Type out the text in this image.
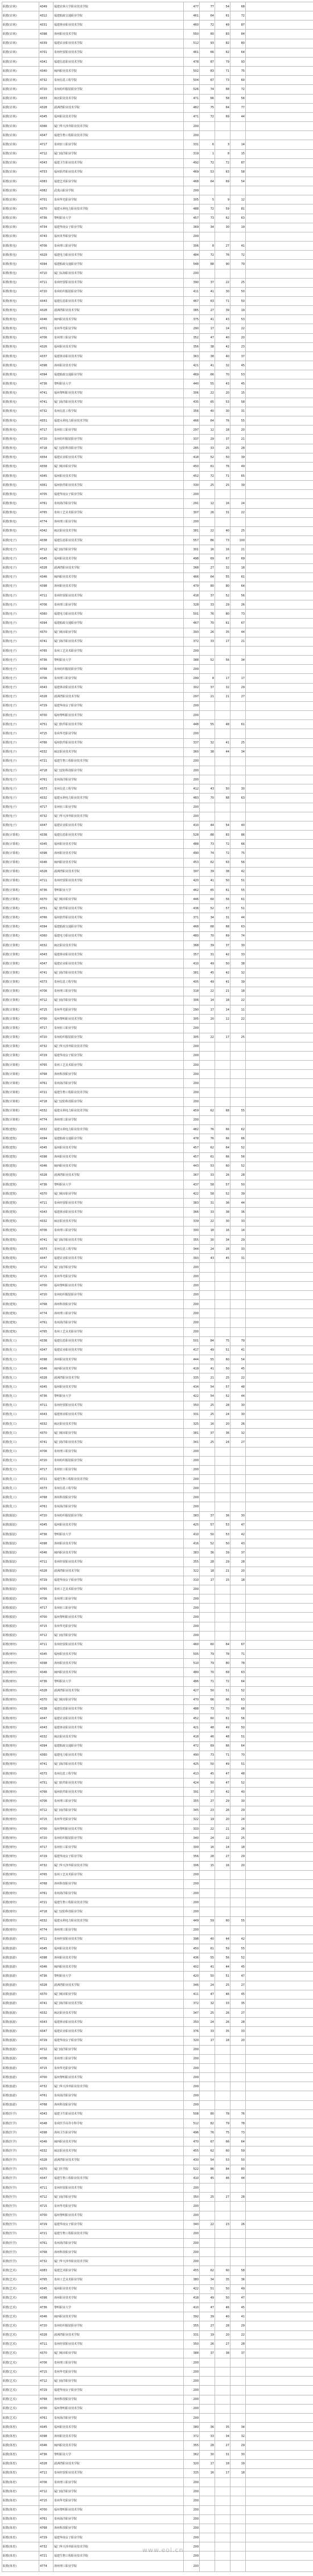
职教(农林)	4349	福建农林大学职业技术学院	477	77	54	68	
职教(农林)	4312	福建船政交通职业学院	461	64	61	72	
职教(农林)	4331	福建林业职业技术学院	460	72	49	87	
职教(农林)	4398	漳州职业技术学院	550	80	83	84	
职教(农林)	4339	福建农业职业技术学院	512	93	82	80	
职教(农林)	4701	泉州经贸职业技术学院	461	66	62	64	
职教(农林)	4341	福建信息职业技术学院	478	87	79	93	
职教(农林)	4340	闽西职业技术学院	502	83	71	75	
职教(农林)	4732	泉州信息工程学院	504	67	73	60	
职教(农林)	4720	泉州纺织服装职业学院	526	74	68	72	
职教(农林)	4333	闽北职业技术学院	471	66	58	56	
职教(农林)	4328	湄洲湾职业技术学院	482	75	64	77	
职教(农林)	4345	福州职业技术学院	471	72	69	44	
职教(农林)	4366	厦门华天涉外职业技术学院	200				
职教(农林)	4347	福建生物工程职业技术学院	200				
职教(农林)	4717	泉州轻工职业学院	331	6	3	14	
职教(农林)	4712	厦门南洋职业学院	319	1	8	15	
职教(农林)	4343	福建卫生职业技术学院	492	72	72	87	
职教(农林)	4753	福州软件职业技术学院	469	53	63	58	
职教(农林)	4383	福建艺术职业学院	468	64	69	54	
职教(农林)	4382	武夷山职业学院	200				
职教(农林)	4701	泉州华光职业学院	305	5	9	12	
职教(农林)	4370	福建水利电力职业技术学院	488	72	59	81	
职教(农林)	4736	黎明职业大学	457	73	62	63	
职教(农林)	4734	福建华南女子职业学院	369	34	30	19	
职教(农林)	4743	福州英华职业学院	200				
职教(机电)	4706	泉州理工职业学院	306	8	27	41	
职教(机电)	4329	福建电力职业技术学院	484	72	76	72	
职教(机电)	4394	福建船政交通职业学院	548	88	90	79	
职教(机电)	4710	厦门东海职业技术学院	200				
职教(机电)	4711	泉州经贸职业技术学院	390	37	22	25	
职教(机电)	4720	泉州纺织服装职业学院	411	41	30	50	
职教(机电)	4343	福建信息职业技术学院	467	63	71	50	
职教(机电)	4328	湄洲湾职业技术学院	385	27	39	19	
职教(机电)	4346	闽西职业技术学院	375	41	43	53	
职教(机电)	4701	泉州华光职业学院	290	17	14	22	
职教(机电)	4706	泉州理工职业学院	352	47	40	20	
职教(机电)	4326	福州职业技术学院	356	38	42	23	
职教(机电)	4337	福建林业职业技术学院	363	38	40	37	
职教(机电)	4398	漳州职业技术学院	421	41	32	45	
职教(机电)	4394	福建船政交通职业学院	469	66	70	53	
职教(机电)	4736	黎明职业大学	440	55	43	45	
职教(机电)	4741	福州黎明职业技术学院	306	22	20	15	
职教(机电)	4741	厦门海洋职业技术学院	435	65	53	58	
职教(机电)	4732	泉州信息工程学院	356	40	30	31	
职教(机电)	4351	福建水利电力职业技术学院	466	64	76	55	
职教(机电)	4717	泉州轻工职业学院	297	12	18	20	
职教(机电)	4720	泉州纺织服装职业学院	337	29	37	21	
职教(机电)	4718	厦门安防科技职业学院	285	33	25	28	
职教(机电)	4354	福建农业职业技术学院	418	52	50	39	
职教(机电)	4358	厦门城市职业学院	450	61	76	49	
职教(机电)	4345	福州职业技术学院	452	72	71	65	
职教(机电)	4361	福州软件职业技术学院	330	25	25	39	
职教(机电)	4705	福建华南女子职业学院	200				
职教(机电)	4761	泉州海洋职业学院	291	12	16	24	
职教(机电)	4765	泉州工艺美术职业学院	307	26	31	22	
职教(机电)	4774	漳州理工职业学院	200				
职教(机电)	4342	闽北职业技术学院	381	22	40	25	
职教(电子)	4338	福建信息职业技术学院	557	86	73	100	
职教(电子)	4712	厦门南洋职业学院	301	16	16	21	
职教(电子)	4345	福州职业技术学院	498	69	67	69	
职教(电子)	4328	湄洲湾职业技术学院	368	27	32	18	
职教(电子)	4346	闽西职业技术学院	466	64	55	61	
职教(电子)	4398	漳州职业技术学院	479	80	80	64	
职教(电子)	4711	泉州经贸职业技术学院	418	37	52	56	
职教(电子)	4706	泉州理工职业学院	328	33	29	26	
职教(电子)	4360	福建电力职业技术学院	501	76	80	73	
职教(电子)	4394	福建船政交通职业学院	467	70	61	67	
职教(电子)	4370	厦门城市职业学院	393	26	35	44	
职教(电子)	4741	厦门海洋职业技术学院	372	33	17	21	
职教(电子)	4765	泉州工艺美术职业学院	200				
职教(电子)	4736	黎明职业大学	388	52	56	34	
职教(电子)	4768	泉州纺织服装职业学院	200				
职教(电子)	4706	泉州理工职业学院	299	8	17	17	
职教(电子)	4343	福建林业职业技术学院	302	37	32	29	
职教(电子)	4328	湄洲湾职业技术学院	297	21	21	27	
职教(电子)	4729	福建华南女子职业学院	200				
职教(电子)	4700	福州黎明职业技术学院	200				
职教(电子)	4751	厦门软件职业技术学院	448	55	48	61	
职教(电子)	4715	泉州华光职业学院	200				
职教(电子)	4766	福州软件职业技术学院	337	32	41	25	
职教(电子)	4332	闽北职业技术学院	360	38	44	34	
职教(电子)	4721	福建生物工程职业技术学院	200				
职教(电子)	4718	厦门安防科技职业学院	200				
职教(电子)	4761	泉州海洋职业学院	200				
职教(电子)	4373	泉州信息工程学院	412	43	50	30	
职教(电子)	4332	福建水利电力职业技术学院	483	70	68	63	
职教(电子)	4717	泉州轻工职业学院	200				
职教(电子)	4732	厦门华天涉外职业技术学院	200				
职教(电子)	4347	福建农业职业技术学院	410	44	54	40	
职教(计算机)	4338	福建信息职业技术学院	528	88	83	86	
职教(计算机)	4345	福州职业技术学院	488	73	72	66	
职教(计算机)	4398	漳州职业技术学院	490	74	72	75	
职教(计算机)	4346	闽西职业技术学院	453	62	63	56	
职教(计算机)	4328	湄洲湾职业技术学院	397	39	38	42	
职教(计算机)	4711	泉州经贸职业技术学院	420	41	50	51	
职教(计算机)	4736	黎明职业大学	462	65	61	55	
职教(计算机)	4370	厦门城市职业学院	446	60	56	61	
职教(计算机)	4751	厦门软件职业技术学院	436	52	57	51	
职教(计算机)	4766	福州软件职业技术学院	371	34	31	44	
职教(计算机)	4394	福建船政交通职业学院	468	68	68	63	
职教(计算机)	4360	福建电力职业技术学院	480	70	69	74	
职教(计算机)	4332	闽北职业技术学院	368	39	37	30	
职教(计算机)	4343	福建林业职业技术学院	357	31	42	33	
职教(计算机)	4347	福建农业职业技术学院	410	49	50	38	
职教(计算机)	4741	厦门海洋职业技术学院	381	45	42	32	
职教(计算机)	4373	泉州信息工程学院	405	49	41	39	
职教(计算机)	4706	泉州理工职业学院	318	22	21	18	
职教(计算机)	4712	厦门南洋职业学院	306	14	18	22	
职教(计算机)	4715	泉州华光职业学院	290	17	14	11	
职教(计算机)	4700	福州黎明职业技术学院	305	20	12	22	
职教(计算机)	4717	泉州轻工职业学院	200				
职教(计算机)	4720	泉州纺织服装职业学院	305	22	17	25	
职教(计算机)	4732	厦门华天涉外职业技术学院	200				
职教(计算机)	4729	福建华南女子职业学院	200				
职教(计算机)	4765	泉州工艺美术职业学院	200				
职教(计算机)	4768	漳州科技职业学院	200				
职教(计算机)	4761	泉州海洋职业学院	200				
职教(计算机)	4721	福建生物工程职业技术学院	200				
职教(计算机)	4718	厦门安防科技职业学院	200				
职教(计算机)	4332	福建水利电力职业技术学院	459	62	68	55	
职教(计算机)	4774	漳州理工职业学院	200				
职教(建筑)	4332	福建水利电力职业技术学院	482	76	66	62	
职教(建筑)	4394	福建船政交通职业学院	478	76	66	66	
职教(建筑)	4345	福州职业技术学院	457	62	64	52	
职教(建筑)	4398	漳州职业技术学院	457	61	66	56	
职教(建筑)	4346	闽西职业技术学院	443	53	60	52	
职教(建筑)	4328	湄洲湾职业技术学院	367	33	26	28	
职教(建筑)	4736	黎明职业大学	437	58	57	50	
职教(建筑)	4370	厦门城市职业学院	422	58	52	39	
职教(建筑)	4711	泉州经贸职业技术学院	383	31	36	44	
职教(建筑)	4343	福建林业职业技术学院	366	33	38	36	
职教(建筑)	4332	闽北职业技术学院	339	22	30	33	
职教(建筑)	4706	泉州理工职业学院	300	18	16	14	
职教(建筑)	4741	厦门海洋职业技术学院	355	30	34	29	
职教(建筑)	4373	泉州信息工程学院	344	24	28	33	
职教(建筑)	4347	福建农业职业技术学院	393	43	45	31	
职教(建筑)	4712	厦门南洋职业学院	200				
职教(建筑)	4715	泉州华光职业学院	200				
职教(建筑)	4700	福州黎明职业技术学院	200				
职教(建筑)	4720	泉州纺织服装职业学院	200				
职教(建筑)	4768	漳州科技职业学院	200				
职教(建筑)	4774	漳州理工职业学院	200				
职教(建筑)	4761	泉州海洋职业学院	200				
职教(建筑)	4765	泉州工艺美术职业学院	200				
职教(化工)	4338	福建信息职业技术学院	501	84	75	79	
职教(化工)	4347	福建农业职业技术学院	417	49	51	41	
职教(化工)	4398	漳州职业技术学院	444	55	60	54	
职教(化工)	4346	闽西职业技术学院	419	41	50	45	
职教(化工)	4328	湄洲湾职业技术学院	335	21	25	22	
职教(化工)	4345	福州职业技术学院	434	54	57	48	
职教(化工)	4736	黎明职业大学	422	54	52	44	
职教(化工)	4711	泉州经贸职业技术学院	350	25	28	30	
职教(化工)	4343	福建林业职业技术学院	331	25	24	30	
职教(化工)	4332	闽北职业技术学院	325	16	20	26	
职教(化工)	4370	厦门城市职业学院	381	37	36	32	
职教(化工)	4741	厦门海洋职业技术学院	341	25	24	27	
职教(化工)	4706	泉州理工职业学院	200				
职教(化工)	4720	泉州纺织服装职业学院	200				
职教(化工)	4717	泉州轻工职业学院	200				
职教(化工)	4721	福建生物工程职业技术学院	200				
职教(化工)	4373	泉州信息工程学院	200				
职教(化工)	4768	漳州科技职业学院	200				
职教(化工)	4761	泉州海洋职业学院	200				
职教(服装)	4720	泉州纺织服装职业学院	383	37	36	30	
职教(服装)	4345	福州职业技术学院	425	57	53	47	
职教(服装)	4736	黎明职业大学	410	50	53	42	
职教(服装)	4398	漳州职业技术学院	416	52	50	43	
职教(服装)	4346	闽西职业技术学院	383	36	39	37	
职教(服装)	4711	泉州经贸职业技术学院	355	28	29	28	
职教(服装)	4328	湄洲湾职业技术学院	322	18	21	20	
职教(服装)	4729	福建华南女子职业学院	310	17	15	18	
职教(服装)	4765	泉州工艺美术职业学院	200				
职教(服装)	4706	泉州理工职业学院	200				
职教(服装)	4717	泉州轻工职业学院	200				
职教(服装)	4700	福州黎明职业技术学院	200				
职教(服装)	4715	泉州华光职业学院	200				
职教(服装)	4712	厦门南洋职业学院	200				
职教(财经)	4711	泉州经贸职业技术学院	460	60	64	67	
职教(财经)	4345	福州职业技术学院	505	79	78	71	
职教(财经)	4398	漳州职业技术学院	510	79	80	78	
职教(财经)	4346	闽西职业技术学院	480	70	69	63	
职教(财经)	4736	黎明职业大学	486	71	72	64	
职教(财经)	4328	湄洲湾职业技术学院	427	50	51	52	
职教(财经)	4370	厦门城市职业学院	470	66	66	63	
职教(财经)	4338	福建信息职业技术学院	488	73	70	68	
职教(财经)	4347	福建农业职业技术学院	452	60	61	56	
职教(财经)	4343	福建林业职业技术学院	421	48	49	50	
职教(财经)	4332	闽北职业技术学院	418	46	48	51	
职教(财经)	4394	福建船政交通职业学院	472	69	66	64	
职教(财经)	4360	福建电力职业技术学院	490	73	71	70	
职教(财经)	4741	厦门海洋职业技术学院	425	50	49	51	
职教(财经)	4373	泉州信息工程学院	413	45	47	48	
职教(财经)	4751	厦门软件职业技术学院	424	50	47	52	
职教(财经)	4766	福州软件职业技术学院	391	37	42	40	
职教(财经)	4706	泉州理工职业学院	355	27	29	30	
职教(财经)	4712	厦门南洋职业学院	345	23	26	29	
职教(财经)	4715	泉州华光职业学院	322	19	20	24	
职教(财经)	4700	福州黎明职业技术学院	333	22	21	26	
职教(财经)	4720	泉州纺织服装职业学院	340	24	22	25	
职教(财经)	4717	泉州轻工职业学院	300	16	14	18	
职教(财经)	4729	福建华南女子职业学院	356	28	27	29	
职教(财经)	4732	厦门华天涉外职业技术学院	306	15	16	20	
职教(财经)	4765	泉州工艺美术职业学院	200				
职教(财经)	4768	漳州科技职业学院	200				
职教(财经)	4761	泉州海洋职业学院	200				
职教(财经)	4721	福建生物工程职业技术学院	200				
职教(财经)	4718	厦门安防科技职业学院	200				
职教(财经)	4332	福建水利电力职业技术学院	449	59	60	55	
职教(财经)	4774	漳州理工职业学院	200				
职教(旅游)	4711	泉州经贸职业技术学院	398	40	44	42	
职教(旅游)	4345	福州职业技术学院	450	61	59	55	
职教(旅游)	4398	漳州职业技术学院	436	55	56	52	
职教(旅游)	4346	闽西职业技术学院	402	41	44	45	
职教(旅游)	4736	黎明职业大学	420	50	51	47	
职教(旅游)	4328	湄洲湾职业技术学院	346	24	25	27	
职教(旅游)	4370	厦门城市职业学院	411	47	46	45	
职教(旅游)	4741	厦门海洋职业技术学院	372	32	33	35	
职教(旅游)	4332	闽北职业技术学院	347	25	26	27	
职教(旅游)	4343	福建林业职业技术学院	350	24	26	28	
职教(旅游)	4347	福建农业职业技术学院	376	33	35	33	
职教(旅游)	4729	福建华南女子职业学院	320	17	18	20	
职教(旅游)	4712	厦门南洋职业学院	200				
职教(旅游)	4706	泉州理工职业学院	200				
职教(旅游)	4715	泉州华光职业学院	200				
职教(旅游)	4700	福州黎明职业技术学院	200				
职教(旅游)	4732	厦门华天涉外职业技术学院	200				
职教(旅游)	4761	泉州海洋职业学院	200				
职教(旅游)	4768	漳州科技职业学院	200				
职教(医学)	4343	福建卫生职业技术学院	508	80	78	76	
职教(医学)	4348	泉州医学高等专科学校	512	82	79	78	
职教(医学)	4398	漳州卫生职业学院	496	76	75	73	
职教(医学)	4346	闽西职业技术学院	470	67	66	64	
职教(医学)	4332	闽北职业技术学院	455	62	60	59	
职教(医学)	4328	湄洲湾职业技术学院	430	54	53	50	
职教(医学)	4370	厦门医学院	522	86	84	80	
职教(医学)	4347	福建生物工程职业技术学院	410	45	46	44	
职教(医学)	4711	泉州经贸职业技术学院	200				
职教(医学)	4712	厦门南洋职业学院	350	25	27	28	
职教(医学)	4715	泉州华光职业学院	200				
职教(医学)	4700	福州黎明职业技术学院	200				
职教(医学)	4729	福建华南女子职业学院	340	22	23	26	
职教(医学)	4721	福建生物工程职业技术学院	200				
职教(医学)	4761	泉州海洋职业学院	200				
职教(医学)	4768	漳州科技职业学院	200				
职教(医学)	4732	厦门华天涉外职业技术学院	200				
职教(艺术)	4383	福建艺术职业学院	455	62	60	58	
职教(艺术)	4765	泉州工艺美术职业学院	380	34	35	36	
职教(艺术)	4345	福州职业技术学院	422	51	50	49	
职教(艺术)	4398	漳州职业技术学院	418	49	50	47	
职教(艺术)	4736	黎明职业大学	410	47	46	45	
职教(艺术)	4346	闽西职业技术学院	392	39	40	41	
职教(艺术)	4720	泉州纺织服装职业学院	355	27	28	29	
职教(艺术)	4328	湄洲湾职业技术学院	331	19	20	22	
职教(艺术)	4711	泉州经贸职业技术学院	350	26	27	28	
职教(艺术)	4370	厦门城市职业学院	388	37	38	37	
职教(艺术)	4706	泉州理工职业学院	200				
职教(艺术)	4715	泉州华光职业学院	200				
职教(艺术)	4712	厦门南洋职业学院	200				
职教(艺术)	4729	福建华南女子职业学院	200				
职教(艺术)	4768	漳州科技职业学院	200				
职教(艺术)	4700	福州黎明职业技术学院	200				
职教(艺术)	4761	泉州海洋职业学院	200				
职教(体育)	4345	福州职业技术学院	380	36	35	34	
职教(体育)	4398	漳州职业技术学院	372	33	34	32	
职教(体育)	4346	闽西职业技术学院	355	28	27	29	
职教(体育)	4736	黎明职业大学	362	30	31	30	
职教(体育)	4328	湄洲湾职业技术学院	320	17	18	19	
职教(体育)	4711	泉州经贸职业技术学院	315	16	17	18	
职教(体育)	4706	泉州理工职业学院	200				
职教(体育)	4712	厦门南洋职业学院	200				
职教(体育)	4715	泉州华光职业学院	200				
职教(体育)	4700	福州黎明职业技术学院	200				
职教(体育)	4761	泉州海洋职业学院	200				
职教(体育)	4768	漳州科技职业学院	200				
职教(体育)	4729	福建华南女子职业学院	200				
职教(体育)	4732	厦门华天涉外职业技术学院	200				
职教(体育)	4721	福建生物工程职业技术学院	200				
职教(体育)	4774	漳州理工职业学院	200				
www.eol.cn
